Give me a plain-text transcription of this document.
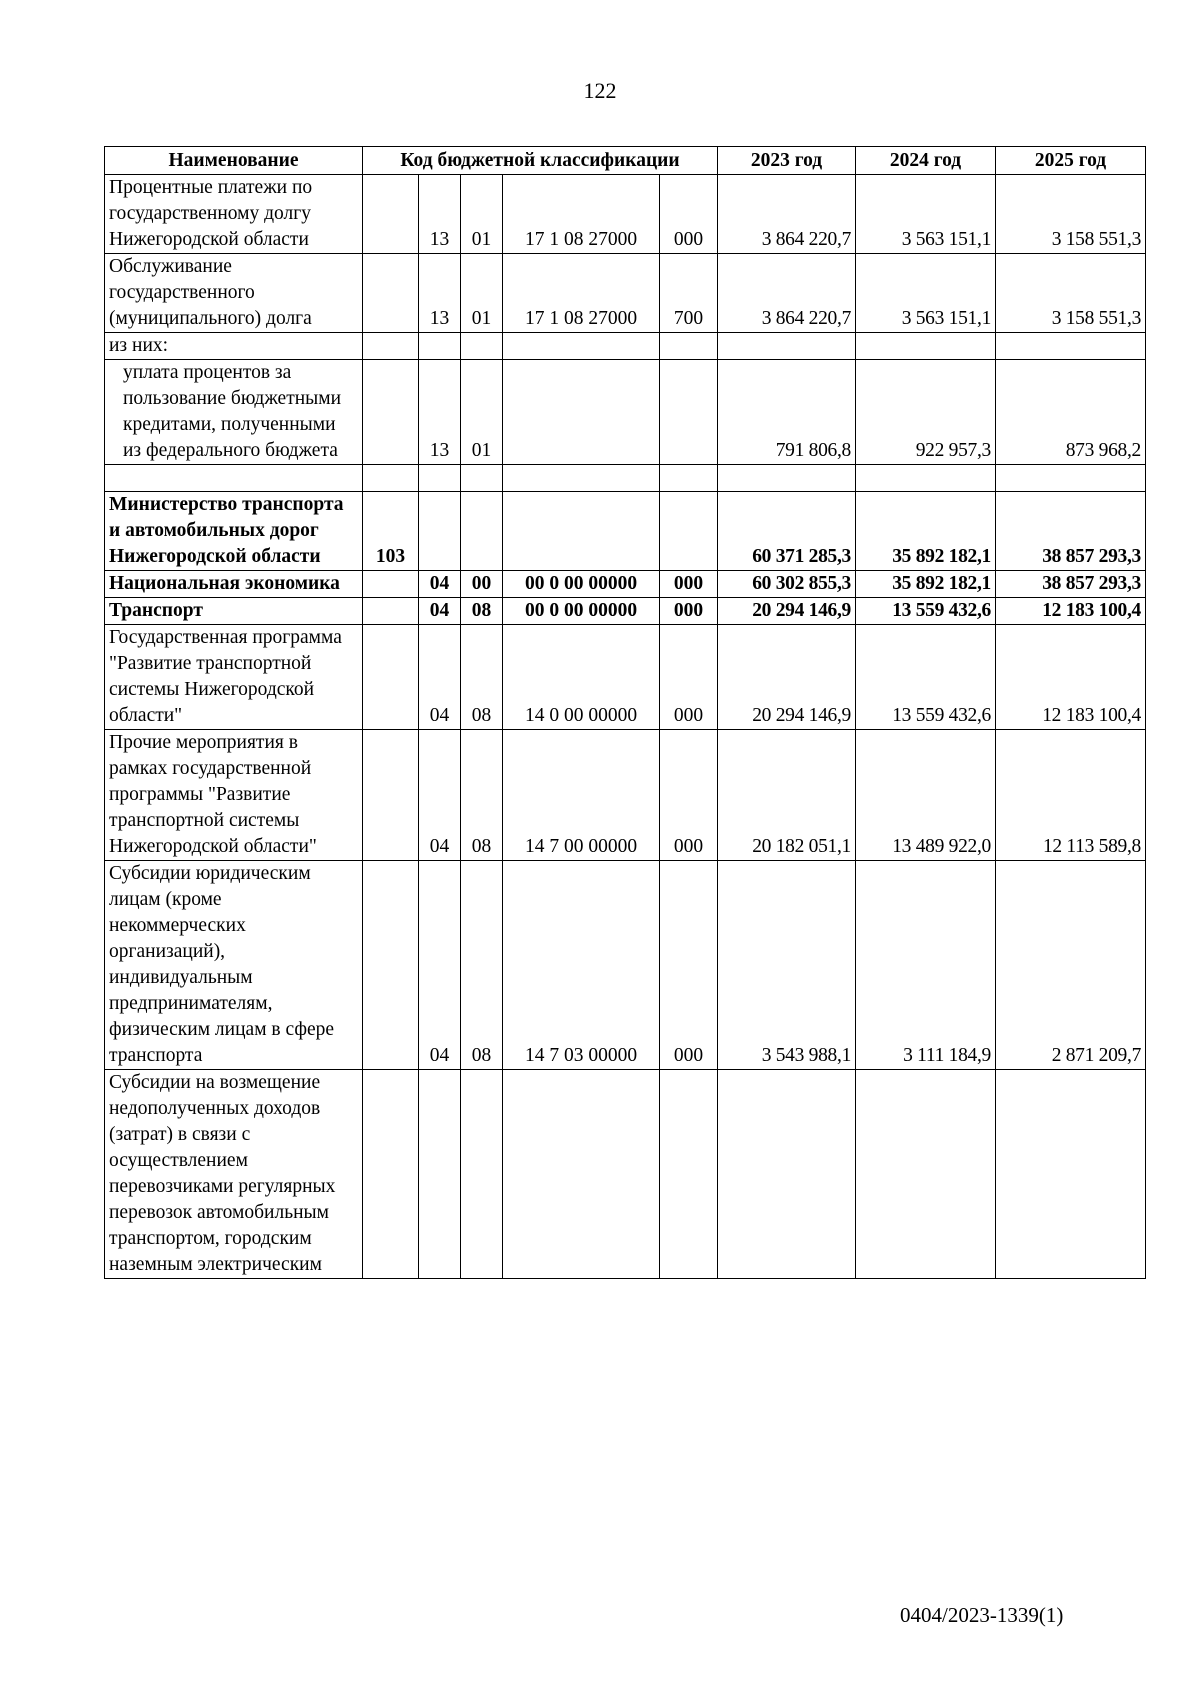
122
Наименование	Код бюджетной классификации					2023 год	2024 год	2025 год
Процентные платежи по государственному долгу Нижегородской области		13	01	17 1 08 27000	000	3 864 220,7	3 563 151,1	3 158 551,3
Обслуживание государственного (муниципального) долга		13	01	17 1 08 27000	700	3 864 220,7	3 563 151,1	3 158 551,3
из них:								
уплата процентов за пользование бюджетными кредитами, полученными из федерального бюджета		13	01			791 806,8	922 957,3	873 968,2

Министерство транспорта и автомобильных дорог Нижегородской области	103					60 371 285,3	35 892 182,1	38 857 293,3
Национальная экономика		04	00	00 0 00 00000	000	60 302 855,3	35 892 182,1	38 857 293,3
Транспорт		04	08	00 0 00 00000	000	20 294 146,9	13 559 432,6	12 183 100,4
Государственная программа "Развитие транспортной системы Нижегородской области"		04	08	14 0 00 00000	000	20 294 146,9	13 559 432,6	12 183 100,4
Прочие мероприятия в рамках государственной программы "Развитие транспортной системы Нижегородской области"		04	08	14 7 00 00000	000	20 182 051,1	13 489 922,0	12 113 589,8
Субсидии юридическим лицам (кроме некоммерческих организаций), индивидуальным предпринимателям, физическим лицам в сфере транспорта		04	08	14 7 03 00000	000	3 543 988,1	3 111 184,9	2 871 209,7
Субсидии на возмещение недополученных доходов (затрат) в связи с осуществлением перевозчиками регулярных перевозок автомобильным транспортом, городским наземным электрическим								
0404/2023-1339(1)
